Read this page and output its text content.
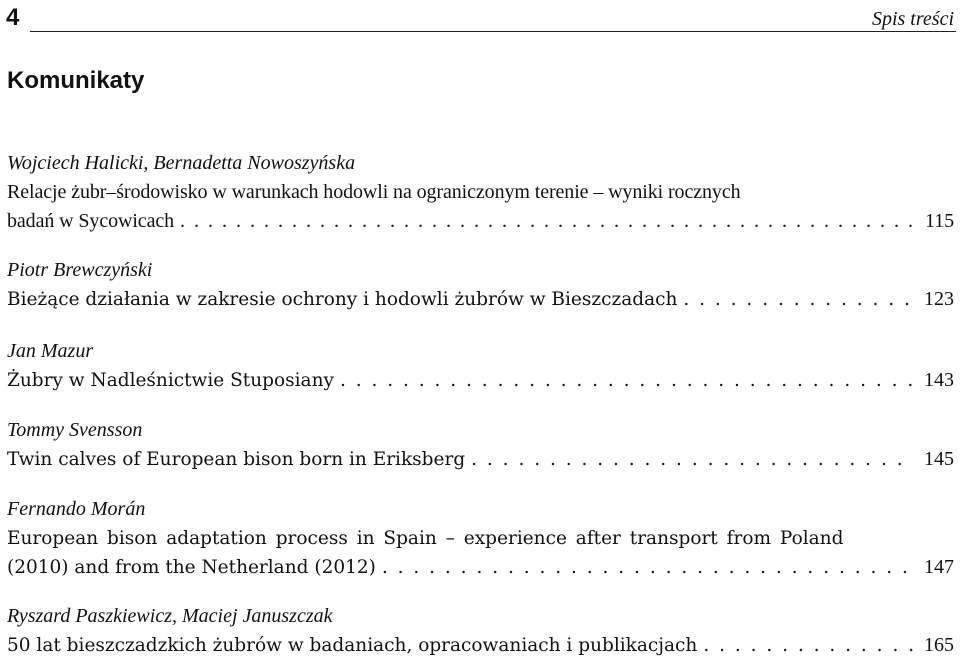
4	Spis treści
Komunikaty
Wojciech Halicki, Bernadetta Nowoszyńska
Relacje żubr–środowisko w warunkach hodowli na ograniczonym terenie – wyniki rocznych
badań w Sycowicach . . .	115
Piotr Brewczyński
Bieżące działania w zakresie ochrony i hodowli żubrów w Bieszczadach . . .	123
Jan Mazur
Żubry w Nadleśnictwie Stuposiany . . .	143
Tommy Svensson
Twin calves of European bison born in Eriksberg . . .	145
Fernando Morán
European bison adaptation process in Spain – experience after transport from Poland
(2010) and from the Netherland (2012) . . .	147
Ryszard Paszkiewicz, Maciej Januszczak
50 lat bieszczadzkich żubrów w badaniach, opracowaniach i publikacjach . . .	165
